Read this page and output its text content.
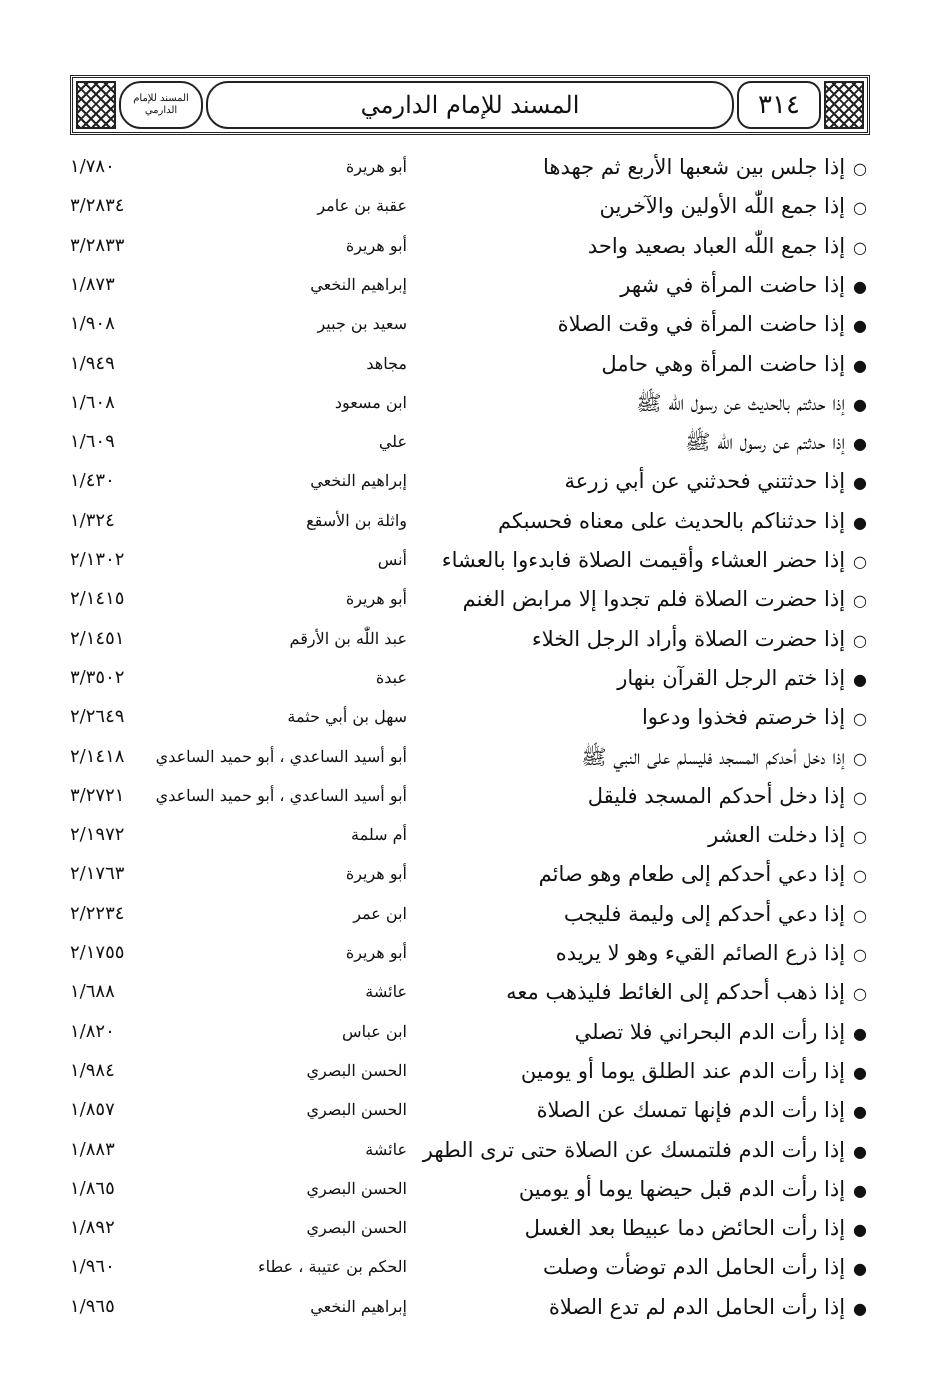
المسند للإمام الدارمي	المسند للإمام الدارمي	٣١٤
○إذا جلس بين شعبها الأربع ثم جهدها
أبو هريرة
١/٧٨٠
○إذا جمع اللّٰه الأولين والآخرين
عقبة بن عامر
٣/٢٨٣٤
○إذا جمع اللّٰه العباد بصعيد واحد
أبو هريرة
٣/٢٨٣٣
●إذا حاضت المرأة في شهر
إبراهيم النخعي
١/٨٧٣
●إذا حاضت المرأة في وقت الصلاة
سعيد بن جبير
١/٩٠٨
●إذا حاضت المرأة وهي حامل
مجاهد
١/٩٤٩
●إذا حدثتم بالحديث عن رسول اللّٰه ﷺ
ابن مسعود
١/٦٠٨
●إذا حدثتم عن رسول اللّٰه ﷺ
علي
١/٦٠٩
●إذا حدثتني فحدثني عن أبي زرعة
إبراهيم النخعي
١/٤٣٠
●إذا حدثناكم بالحديث على معناه فحسبكم
واثلة بن الأسقع
١/٣٢٤
○إذا حضر العشاء وأقيمت الصلاة فابدءوا بالعشاء
أنس
٢/١٣٠٢
○إذا حضرت الصلاة فلم تجدوا إلا مرابض الغنم
أبو هريرة
٢/١٤١٥
○إذا حضرت الصلاة وأراد الرجل الخلاء
عبد اللّٰه بن الأرقم
٢/١٤٥١
●إذا ختم الرجل القرآن بنهار
عبدة
٣/٣٥٠٢
○إذا خرصتم فخذوا ودعوا
سهل بن أبي حثمة
٢/٢٦٤٩
○إذا دخل أحدكم المسجد فليسلم على النبي ﷺ
أبو أسيد الساعدي ، أبو حميد الساعدي
٢/١٤١٨
○إذا دخل أحدكم المسجد فليقل
أبو أسيد الساعدي ، أبو حميد الساعدي
٣/٢٧٢١
○إذا دخلت العشر
أم سلمة
٢/١٩٧٢
○إذا دعي أحدكم إلى طعام وهو صائم
أبو هريرة
٢/١٧٦٣
○إذا دعي أحدكم إلى وليمة فليجب
ابن عمر
٢/٢٢٣٤
○إذا ذرع الصائم القيء وهو لا يريده
أبو هريرة
٢/١٧٥٥
○إذا ذهب أحدكم إلى الغائط فليذهب معه
عائشة
١/٦٨٨
●إذا رأت الدم البحراني فلا تصلي
ابن عباس
١/٨٢٠
●إذا رأت الدم عند الطلق يوما أو يومين
الحسن البصري
١/٩٨٤
●إذا رأت الدم فإنها تمسك عن الصلاة
الحسن البصري
١/٨٥٧
●إذا رأت الدم فلتمسك عن الصلاة حتى ترى الطهر
عائشة
١/٨٨٣
●إذا رأت الدم قبل حيضها يوما أو يومين
الحسن البصري
١/٨٦٥
●إذا رأت الحائض دما عبيطا بعد الغسل
الحسن البصري
١/٨٩٢
●إذا رأت الحامل الدم توضأت وصلت
الحكم بن عتيبة ، عطاء
١/٩٦٠
●إذا رأت الحامل الدم لم تدع الصلاة
إبراهيم النخعي
١/٩٦٥
